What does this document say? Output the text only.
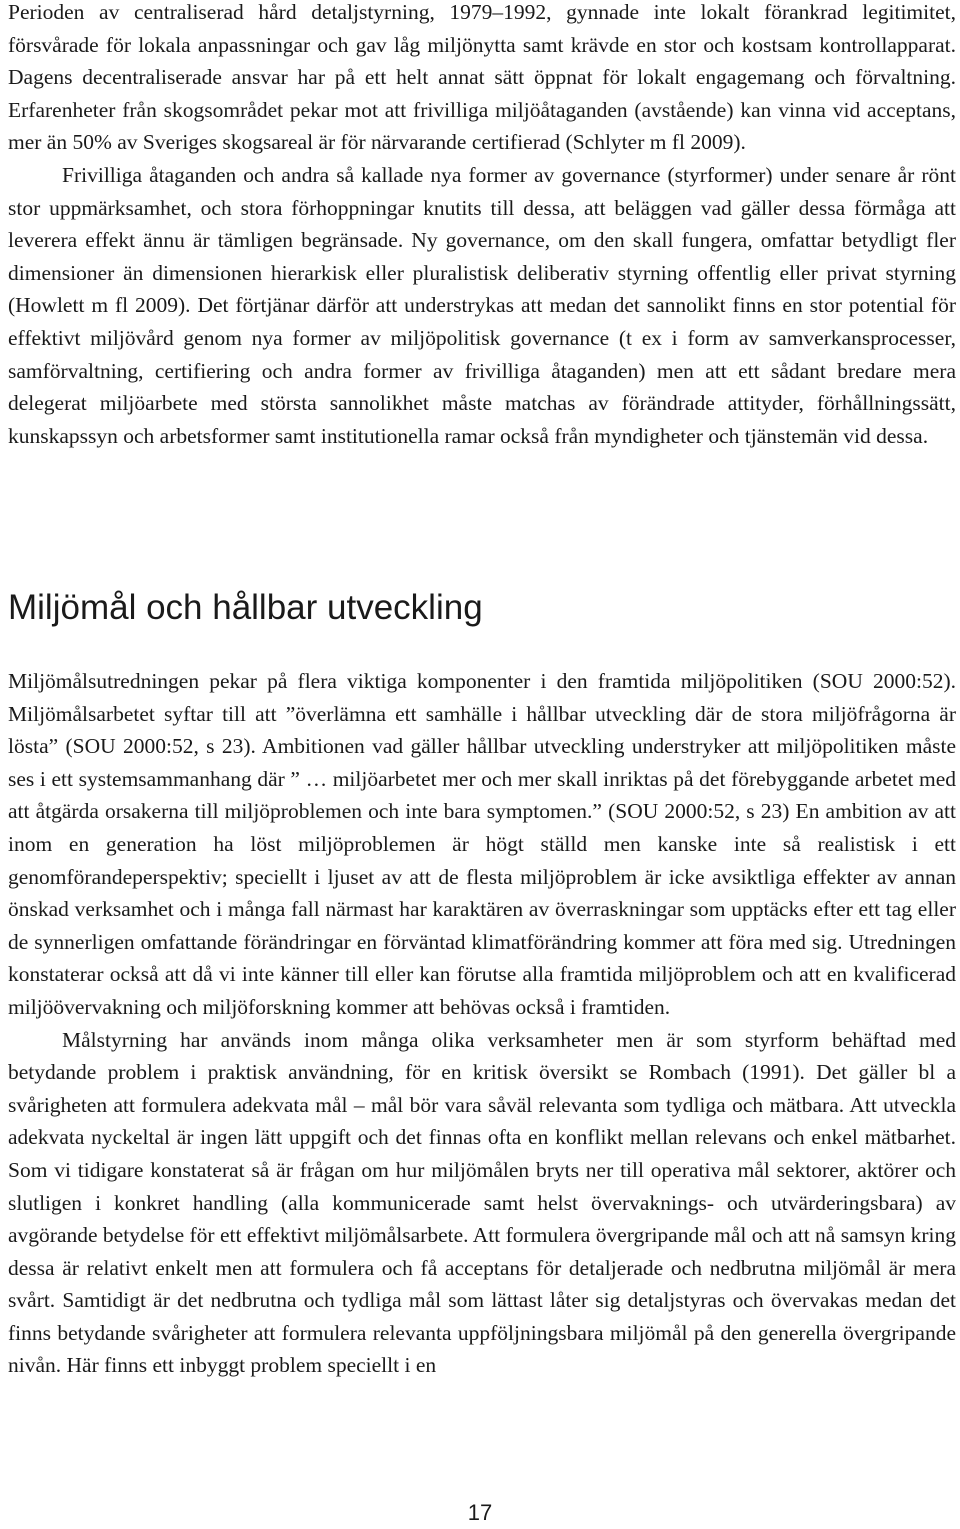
Perioden av centraliserad hård detaljstyrning, 1979–1992, gynnade inte lokalt förankrad legitimitet, försvårade för lokala anpassningar och gav låg miljönytta samt krävde en stor och kostsam kontrollapparat. Dagens decentraliserade ansvar har på ett helt annat sätt öppnat för lokalt engagemang och förvaltning. Erfarenheter från skogsområdet pekar mot att frivilliga miljöåtaganden (avstående) kan vinna vid acceptans, mer än 50% av Sveriges skogsareal är för närvarande certifierad (Schlyter m fl 2009).

Frivilliga åtaganden och andra så kallade nya former av governance (styrformer) under senare år rönt stor uppmärksamhet, och stora förhoppningar knutits till dessa, att beläggen vad gäller dessa förmåga att leverera effekt ännu är tämligen begränsade. Ny governance, om den skall fungera, omfattar betydligt fler dimensioner än dimensionen hierarkisk eller pluralistisk deliberativ styrning offentlig eller privat styrning (Howlett m fl 2009). Det förtjänar därför att understrykas att medan det sannolikt finns en stor potential för effektivt miljövård genom nya former av miljöpolitisk governance (t ex i form av samverkansprocesser, samförvaltning, certifiering och andra former av frivilliga åtaganden) men att ett sådant bredare mera delegerat miljöarbete med största sannolikhet måste matchas av förändrade attityder, förhållningssätt, kunskapssyn och arbetsformer samt institutionella ramar också från myndigheter och tjänstemän vid dessa.

Miljömål och hållbar utveckling

Miljömålsutredningen pekar på flera viktiga komponenter i den framtida miljöpolitiken (SOU 2000:52). Miljömålsarbetet syftar till att ”överlämna ett samhälle i hållbar utveckling där de stora miljöfrågorna är lösta” (SOU 2000:52, s 23). Ambitionen vad gäller hållbar utveckling understryker att miljöpolitiken måste ses i ett systemsammanhang där ” … miljöarbetet mer och mer skall inriktas på det förebyggande arbetet med att åtgärda orsakerna till miljöproblemen och inte bara symptomen.” (SOU 2000:52, s 23) En ambition av att inom en generation ha löst miljöproblemen är högt ställd men kanske inte så realistisk i ett genomförandeperspektiv; speciellt i ljuset av att de flesta miljöproblem är icke avsiktliga effekter av annan önskad verksamhet och i många fall närmast har karaktären av överraskningar som upptäcks efter ett tag eller de synnerligen omfattande förändringar en förväntad klimatförändring kommer att föra med sig. Utredningen konstaterar också att då vi inte känner till eller kan förutse alla framtida miljöproblem och att en kvalificerad miljöövervakning och miljöforskning kommer att behövas också i framtiden.

Målstyrning har används inom många olika verksamheter men är som styrform behäftad med betydande problem i praktisk användning, för en kritisk översikt se Rombach (1991). Det gäller bl a svårigheten att formulera adekvata mål – mål bör vara såväl relevanta som tydliga och mätbara. Att utveckla adekvata nyckeltal är ingen lätt uppgift och det finnas ofta en konflikt mellan relevans och enkel mätbarhet. Som vi tidigare konstaterat så är frågan om hur miljömålen bryts ner till operativa mål sektorer, aktörer och slutligen i konkret handling (alla kommunicerade samt helst övervaknings- och utvärderingsbara) av avgörande betydelse för ett effektivt miljömålsarbete. Att formulera övergripande mål och att nå samsyn kring dessa är relativt enkelt men att formulera och få acceptans för detaljerade och nedbrutna miljömål är mera svårt. Samtidigt är det nedbrutna och tydliga mål som lättast låter sig detaljstyras och övervakas medan det finns betydande svårigheter att formulera relevanta uppföljningsbara miljömål på den generella övergripande nivån. Här finns ett inbyggt problem speciellt i en

17
